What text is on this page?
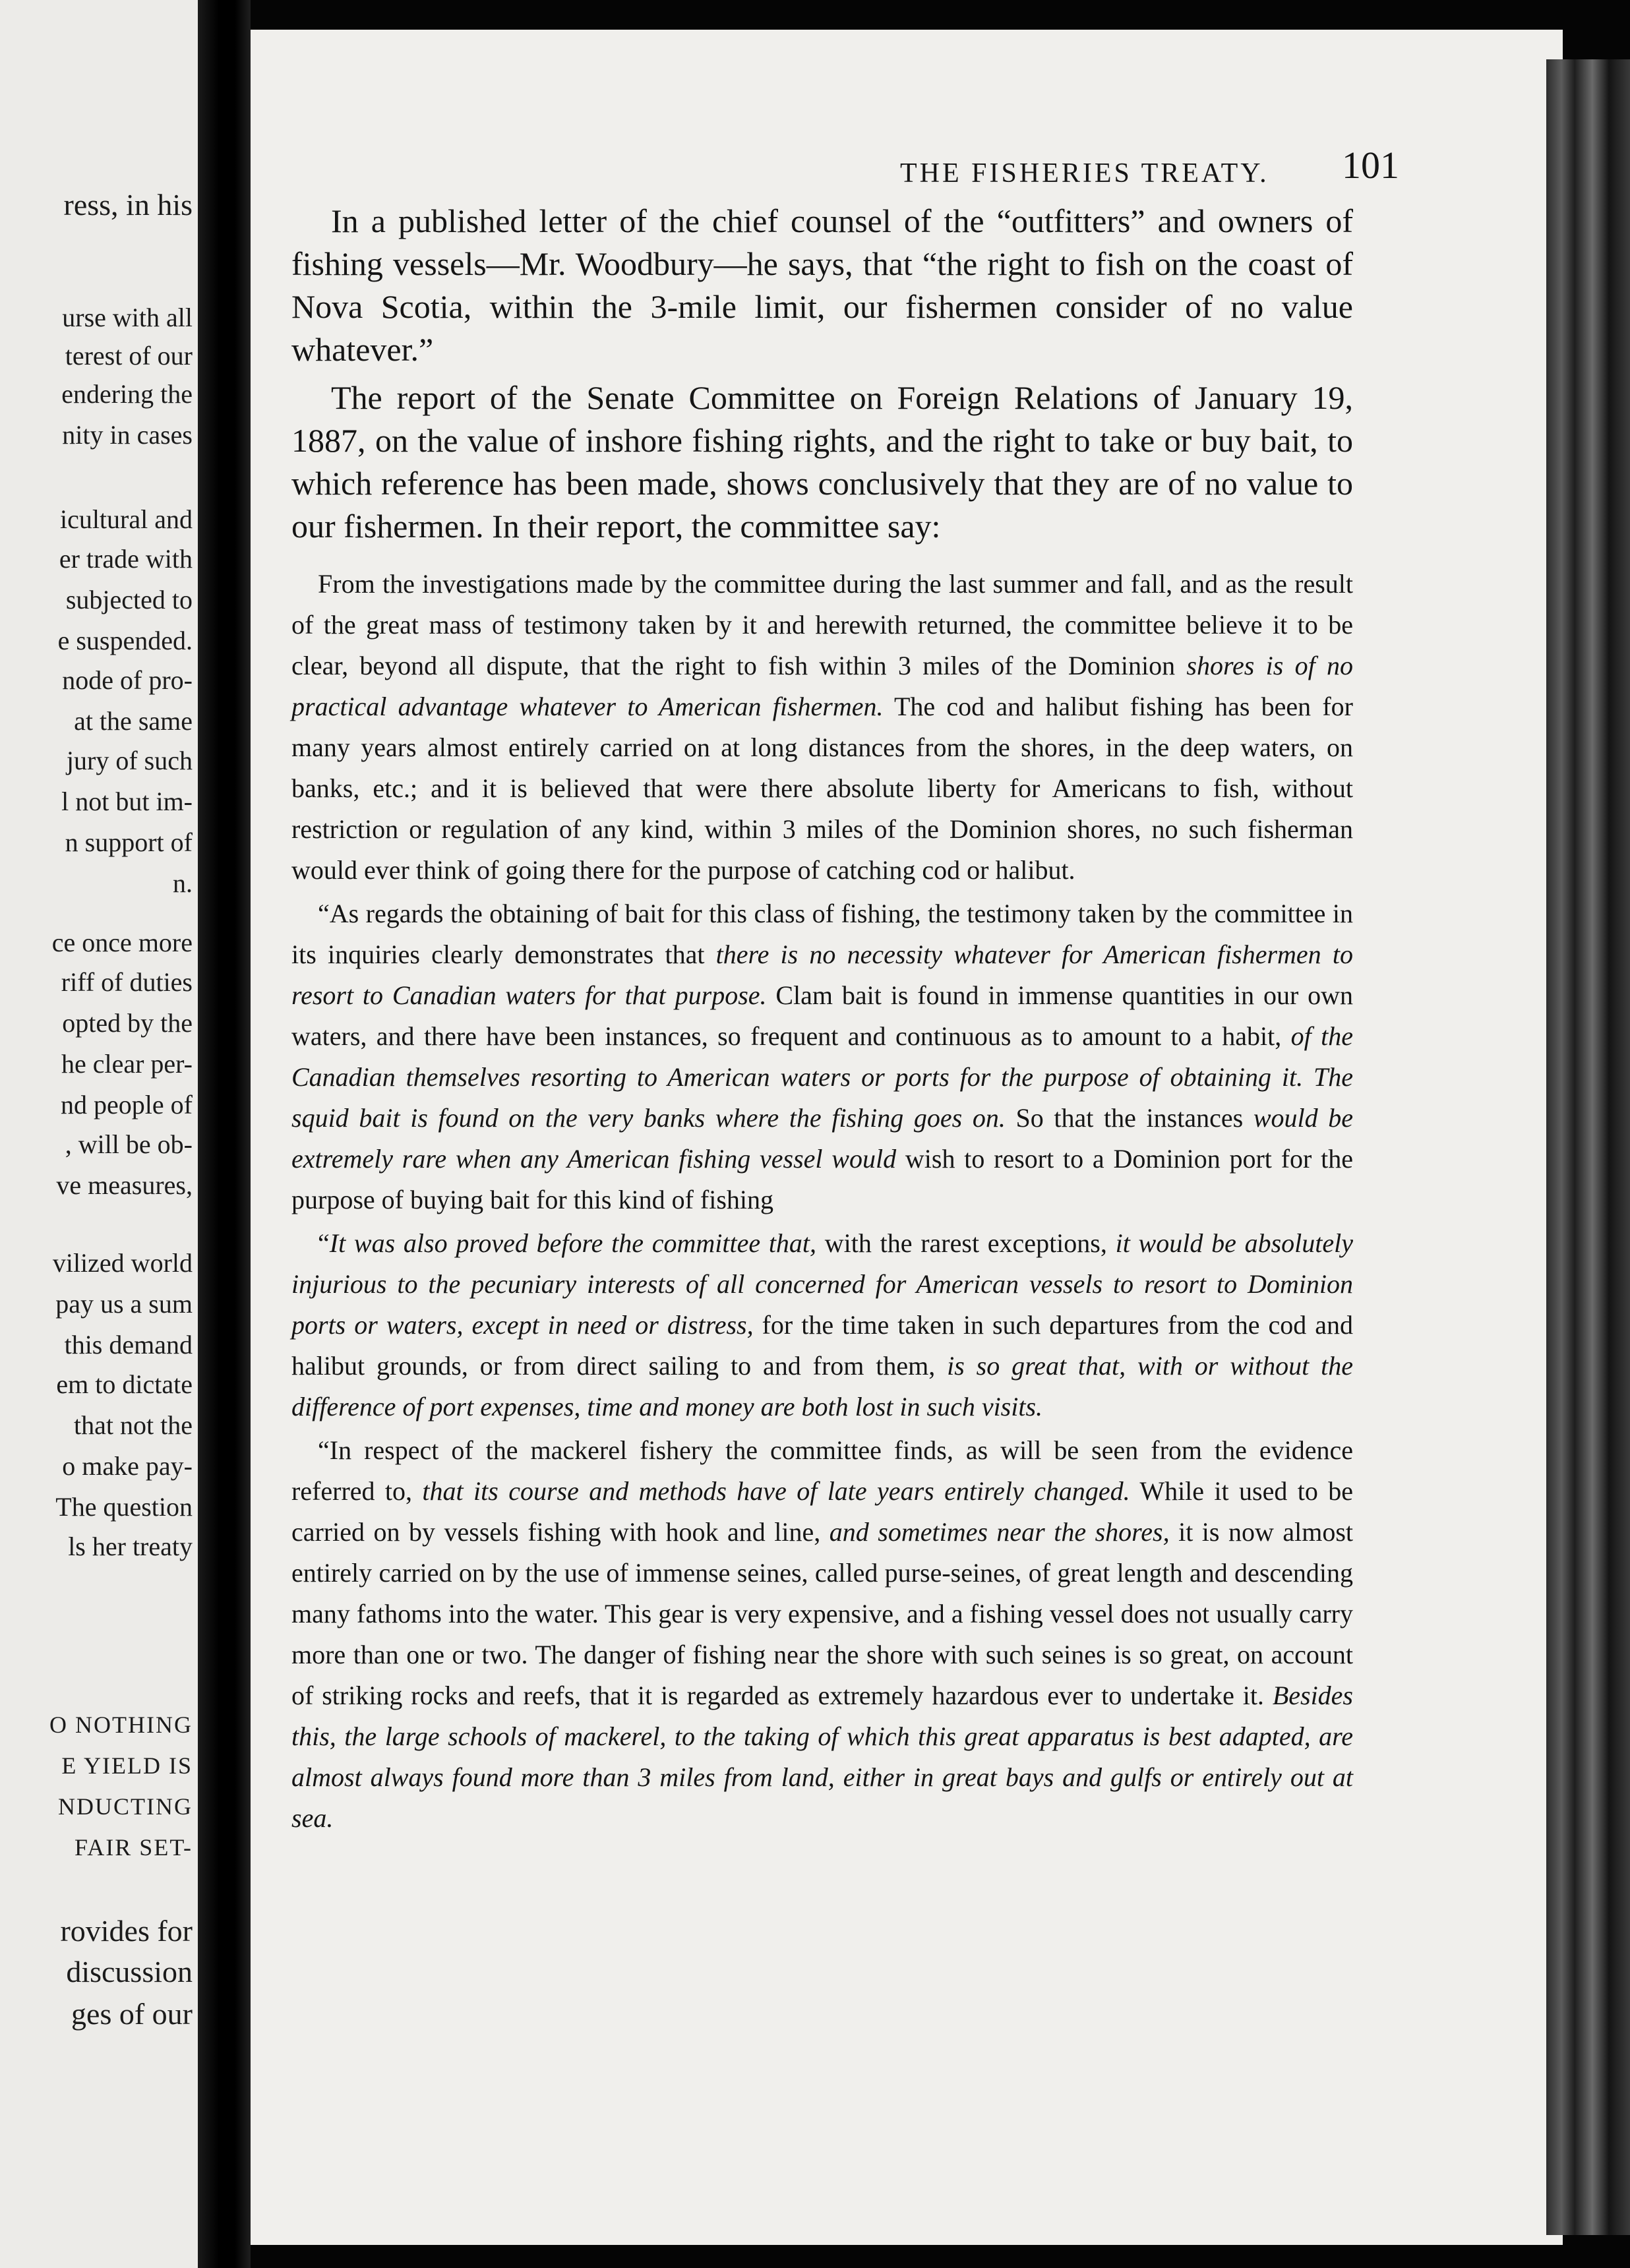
ress, in his
urse with all
terest of our
endering the
nity in cases
icultural and
er trade with
subjected to
e suspended.
node of pro-
at the same
jury of such
l not but im-
n support of
n.
ce once more
riff of duties
opted by the
he clear per-
nd people of
, will be ob-
ve measures,
vilized world
pay us a sum
this demand
em to dictate
that not the
o make pay-
The question
ls her treaty
O NOTHING
E YIELD IS
NDUCTING
FAIR SET-
rovides for
discussion
ges of our
THE FISHERIES TREATY. 101

In a published letter of the chief counsel of the “outfitters” and owners of fishing vessels—Mr. Woodbury—he says, that “the right to fish on the coast of Nova Scotia, within the 3-mile limit, our fishermen consider of no value whatever.”

The report of the Senate Committee on Foreign Relations of January 19, 1887, on the value of inshore fishing rights, and the right to take or buy bait, to which reference has been made, shows conclusively that they are of no value to our fishermen. In their report, the committee say:

From the investigations made by the committee during the last summer and fall, and as the result of the great mass of testimony taken by it and herewith returned, the committee believe it to be clear, beyond all dispute, that the right to fish within 3 miles of the Dominion shores is of no practical advantage whatever to American fishermen. The cod and halibut fishing has been for many years almost entirely carried on at long distances from the shores, in the deep waters, on banks, etc.; and it is believed that were there absolute liberty for Americans to fish, without restriction or regulation of any kind, within 3 miles of the Dominion shores, no such fisherman would ever think of going there for the purpose of catching cod or halibut.

“As regards the obtaining of bait for this class of fishing, the testimony taken by the committee in its inquiries clearly demonstrates that there is no necessity whatever for American fishermen to resort to Canadian waters for that purpose. Clam bait is found in immense quantities in our own waters, and there have been instances, so frequent and continuous as to amount to a habit, of the Canadian themselves resorting to American waters or ports for the purpose of obtaining it. The squid bait is found on the very banks where the fishing goes on. So that the instances would be extremely rare when any American fishing vessel would wish to resort to a Dominion port for the purpose of buying bait for this kind of fishing

“It was also proved before the committee that, with the rarest exceptions, it would be absolutely injurious to the pecuniary interests of all concerned for American vessels to resort to Dominion ports or waters, except in need or distress, for the time taken in such departures from the cod and halibut grounds, or from direct sailing to and from them, is so great that, with or without the difference of port expenses, time and money are both lost in such visits.

“In respect of the mackerel fishery the committee finds, as will be seen from the evidence referred to, that its course and methods have of late years entirely changed. While it used to be carried on by vessels fishing with hook and line, and sometimes near the shores, it is now almost entirely carried on by the use of immense seines, called purse-seines, of great length and descending many fathoms into the water. This gear is very expensive, and a fishing vessel does not usually carry more than one or two. The danger of fishing near the shore with such seines is so great, on account of striking rocks and reefs, that it is regarded as extremely hazardous ever to undertake it. Besides this, the large schools of mackerel, to the taking of which this great apparatus is best adapted, are almost always found more than 3 miles from land, either in great bays and gulfs or entirely out at sea.
